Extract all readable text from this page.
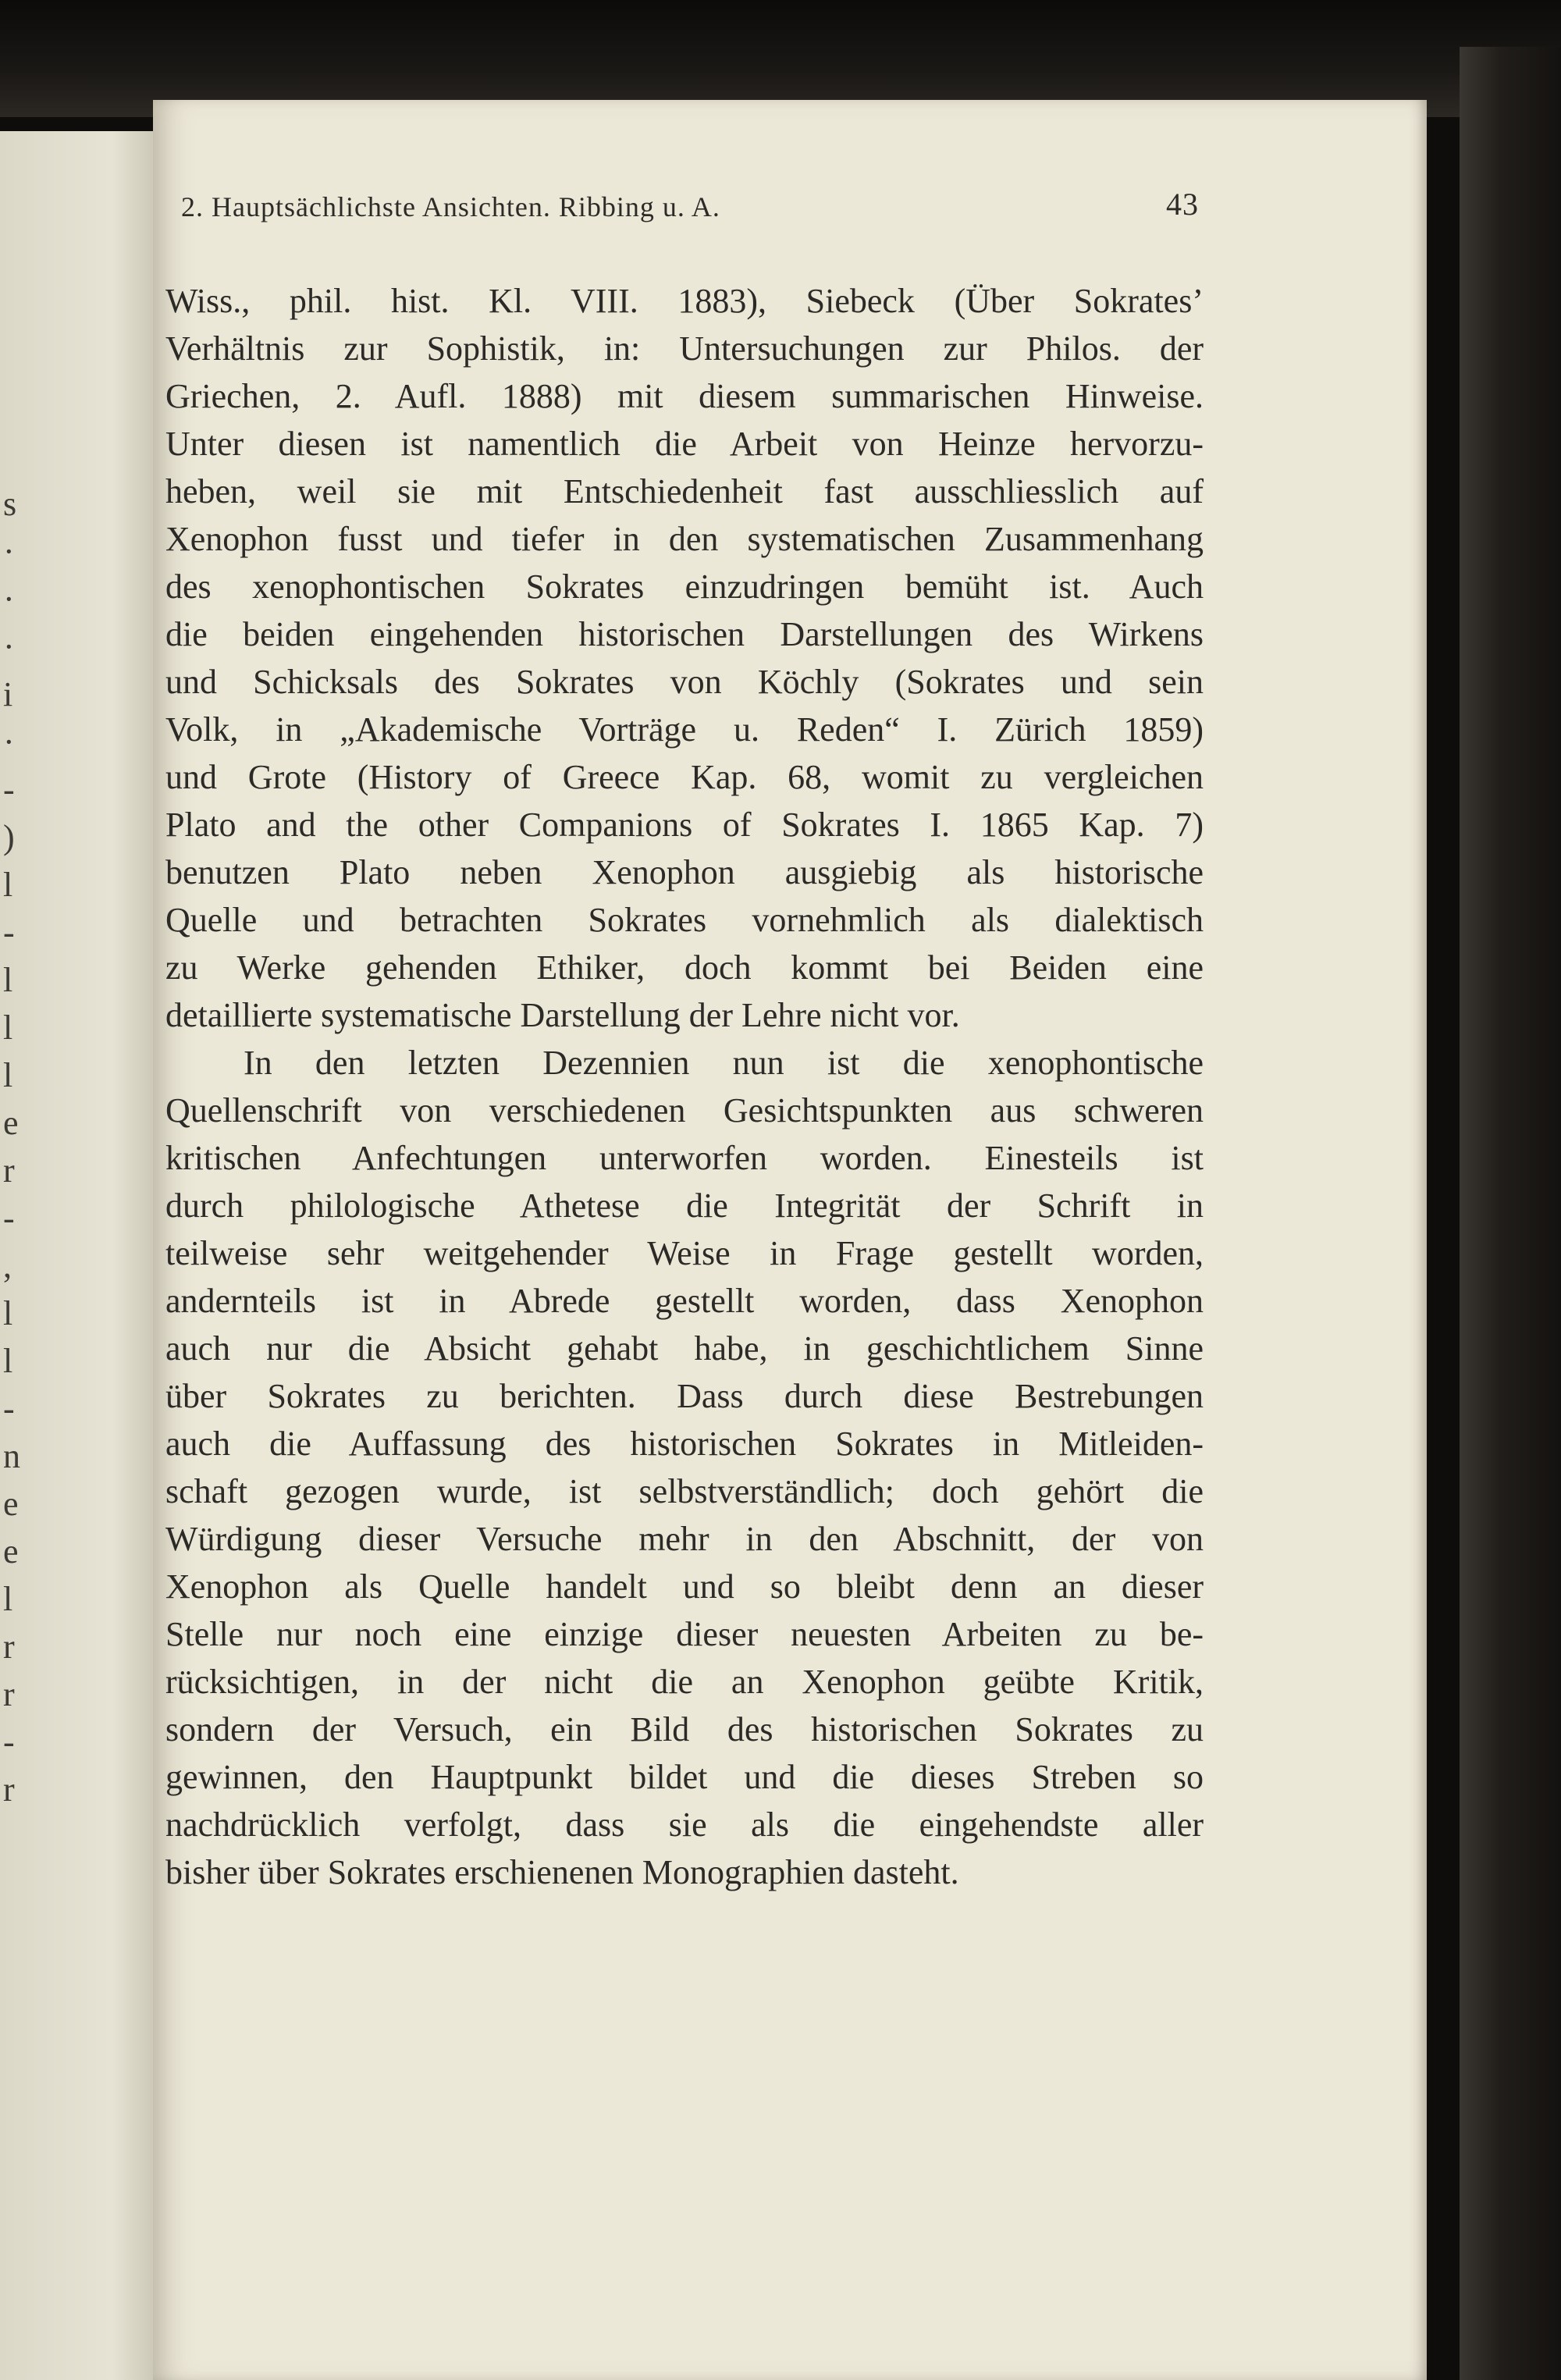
s
·
·
·
i
·
-
)
l
-
l
l
l
e
r
-
,
l
l
-
n
e
e
l
r
r
-
r
2. Hauptsächlichste Ansichten. Ribbing u. A.	43
Wiss., phil. hist. Kl. VIII. 1883), Siebeck (Über Sokrates’
Verhältnis zur Sophistik, in: Untersuchungen zur Philos. der
Griechen, 2. Aufl. 1888) mit diesem summarischen Hinweise.
Unter diesen ist namentlich die Arbeit von Heinze hervorzu-
heben, weil sie mit Entschiedenheit fast ausschliesslich auf
Xenophon fusst und tiefer in den systematischen Zusammenhang
des xenophontischen Sokrates einzudringen bemüht ist. Auch
die beiden eingehenden historischen Darstellungen des Wirkens
und Schicksals des Sokrates von Köchly (Sokrates und sein
Volk, in „Akademische Vorträge u. Reden“ I. Zürich 1859)
und Grote (History of Greece Kap. 68, womit zu vergleichen
Plato and the other Companions of Sokrates I. 1865 Kap. 7)
benutzen Plato neben Xenophon ausgiebig als historische
Quelle und betrachten Sokrates vornehmlich als dialektisch
zu Werke gehenden Ethiker, doch kommt bei Beiden eine
detaillierte systematische Darstellung der Lehre nicht vor.
In den letzten Dezennien nun ist die xenophontische
Quellenschrift von verschiedenen Gesichtspunkten aus schweren
kritischen Anfechtungen unterworfen worden. Einesteils ist
durch philologische Athetese die Integrität der Schrift in
teilweise sehr weitgehender Weise in Frage gestellt worden,
andernteils ist in Abrede gestellt worden, dass Xenophon
auch nur die Absicht gehabt habe, in geschichtlichem Sinne
über Sokrates zu berichten. Dass durch diese Bestrebungen
auch die Auffassung des historischen Sokrates in Mitleiden-
schaft gezogen wurde, ist selbstverständlich; doch gehört die
Würdigung dieser Versuche mehr in den Abschnitt, der von
Xenophon als Quelle handelt und so bleibt denn an dieser
Stelle nur noch eine einzige dieser neuesten Arbeiten zu be-
rücksichtigen, in der nicht die an Xenophon geübte Kritik,
sondern der Versuch, ein Bild des historischen Sokrates zu
gewinnen, den Hauptpunkt bildet und die dieses Streben so
nachdrücklich verfolgt, dass sie als die eingehendste aller
bisher über Sokrates erschienenen Monographien dasteht.
